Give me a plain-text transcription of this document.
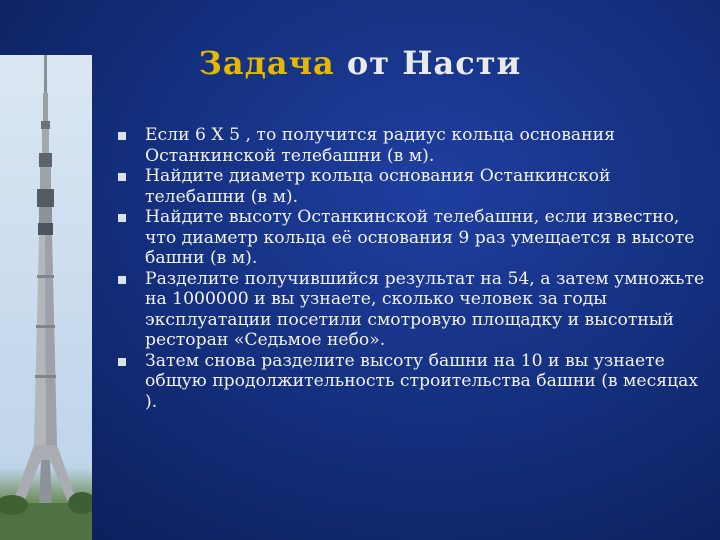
Задача от Насти
Если 6 Х 5 , то получится радиус кольца основания Останкинской телебашни (в м).
Найдите диаметр кольца основания Останкинской телебашни (в м).
Найдите высоту Останкинской телебашни, если известно, что диаметр кольца её основания 9 раз умещается в высоте башни (в м).
Разделите получившийся результат на 54, а затем умножьте на 1000000 и вы узнаете, сколько человек за годы эксплуатации посетили смотровую площадку и высотный ресторан «Седьмое небо».
Затем снова разделите высоту башни на 10 и вы узнаете общую продолжительность строительства башни (в месяцах ).
